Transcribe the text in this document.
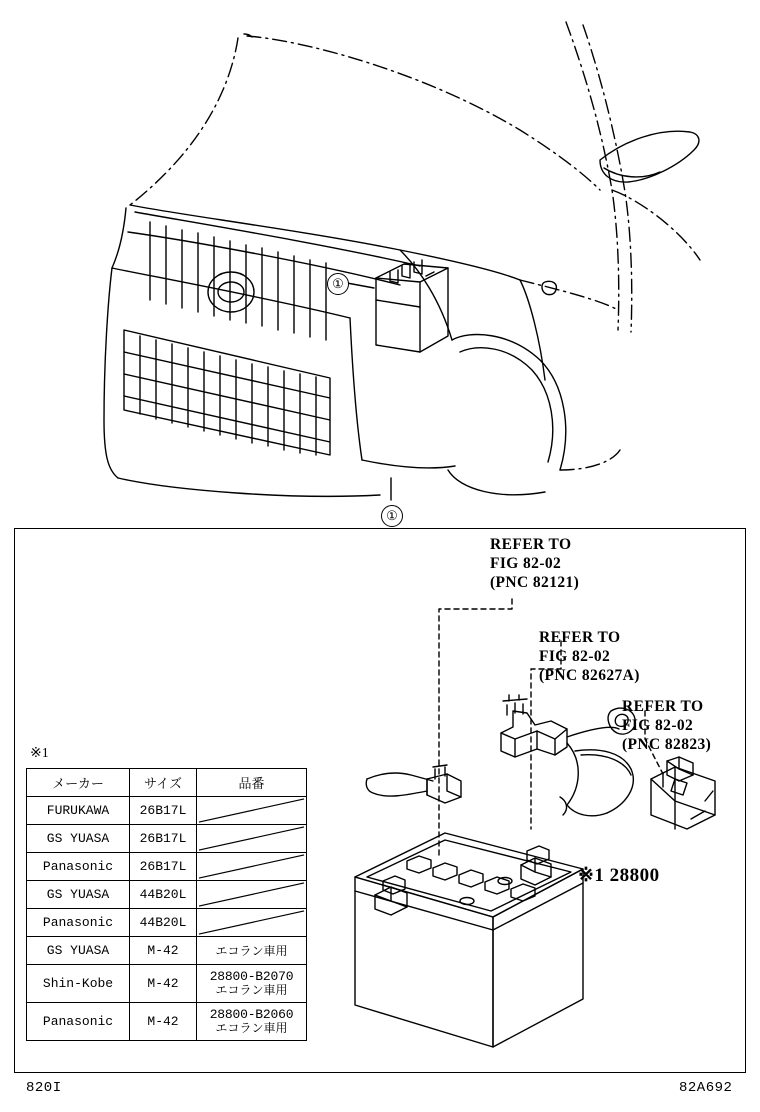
①
①
REFER TO
FIG 82-02
(PNC 82121)
REFER TO
FIG 82-02
(PNC 82627A)
REFER TO
FIG 82-02
(PNC 82823)
※1 28800
※1
メーカー	サイズ	品番
FURUKAWA	26B17L	

GS YUASA	26B17L	

Panasonic	26B17L	

GS YUASA	44B20L	

Panasonic	44B20L	

GS YUASA	M-42	エコラン車用
Shin-Kobe	M-42	28800-B2070
エコラン車用

Panasonic	M-42	28800-B2060
エコラン車用
820I	82A692
